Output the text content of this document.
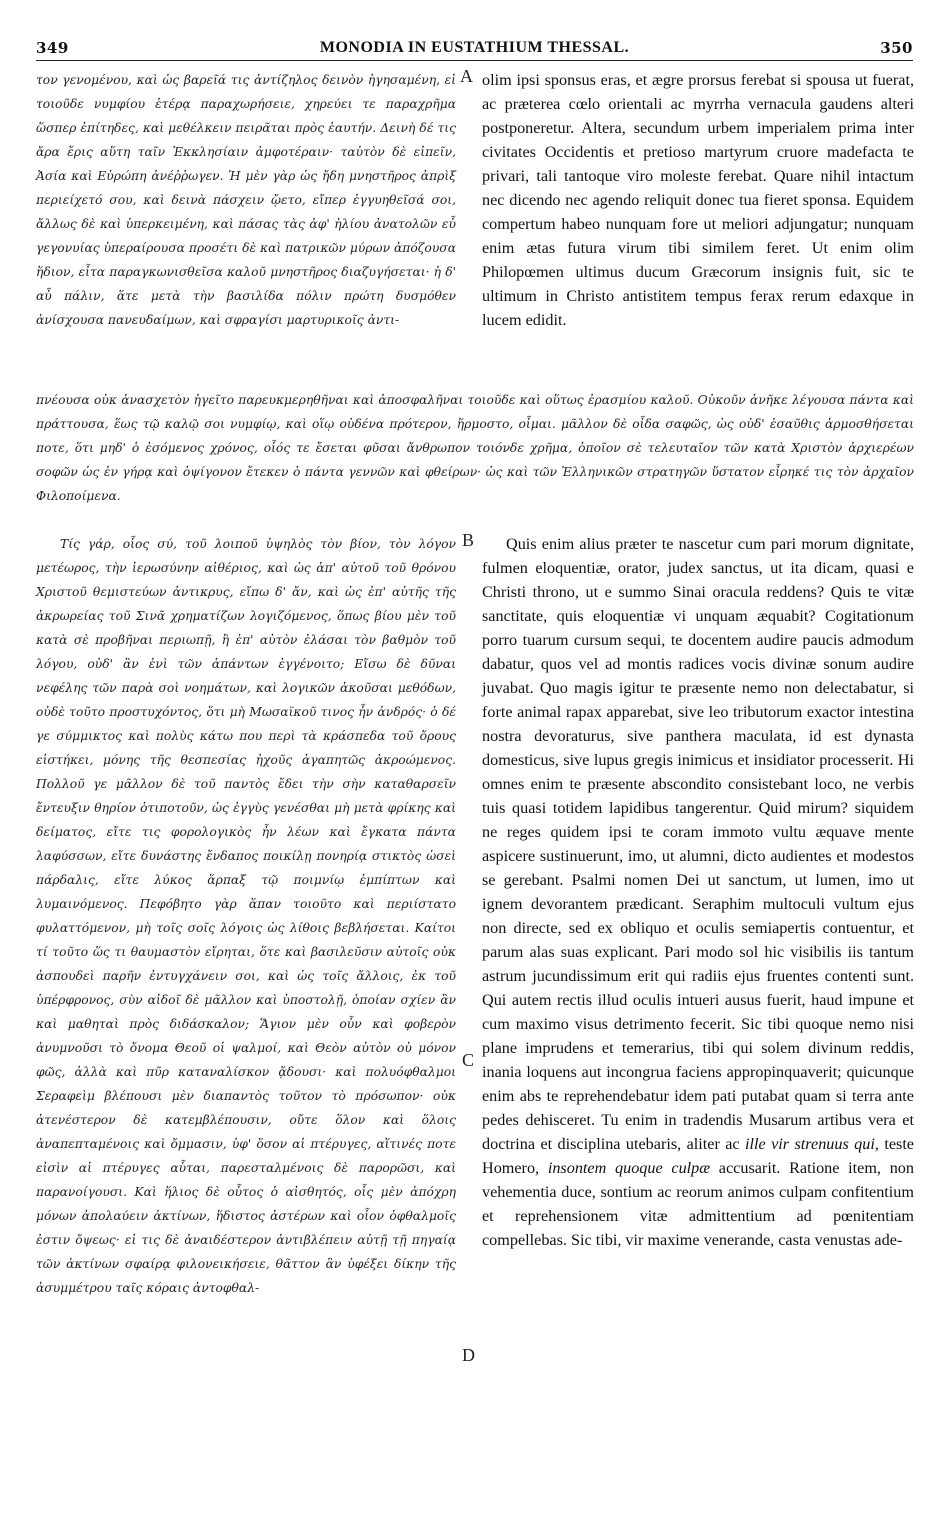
349	MONODIA IN EUSTATHIUM THESSAL.	350

τον γενομένου, καὶ ὡς βαρεῖά τις ἀντίζηλος δεινὸν ἡγησαμένη, εἰ τοιοῦδε νυμφίου ἑτέρᾳ παραχωρήσειε, χηρεύει τε παραχρῆμα ὥσπερ ἐπίτηδες, καὶ μεθέλκειν πειρᾶται πρὸς ἑαυτήν. Δεινὴ δέ τις ἄρα ἔρις αὕτη ταῖν Ἐκκλησίαιν ἀμφοτέραιν· ταὐτὸν δὲ εἰπεῖν, Ἀσία καὶ Εὐρώπη ἀνέῤῥωγεν. Ἡ μὲν γὰρ ὡς ἤδη μνηστῆρος ἀπρὶξ περιείχετό σου, καὶ δεινὰ πάσχειν ᾤετο, εἴπερ ἐγγυηθεῖσά σοι, ἄλλως δὲ καὶ ὑπερκειμένη, καὶ πάσας τὰς ἀφ' ἡλίου ἀνατολῶν εὖ γεγονυίας ὑπεραίρουσα προσέτι δὲ καὶ πατρικῶν μύρων ἀπόζουσα ἥδιον, εἶτα παραγκωνισθεῖσα καλοῦ μνηστῆρος διαζυγήσεται· ἡ δ' αὖ πάλιν, ἅτε μετὰ τὴν βασιλίδα πόλιν πρώτη δυσμόθεν ἀνίσχουσα πανευδαίμων, καὶ σφραγίσι μαρτυρικοῖς ἀντι-

A olim ipsi sponsus eras, et ægre prorsus ferebat si spousa ut fuerat, ac præterea cœlo orientali ac myrrha vernacula gaudens alteri postponeretur. Altera, secundum urbem imperialem prima inter civitates Occidentis et pretioso martyrum cruore madefacta te privari, tali tantoque viro moleste ferebat. Quare nihil intactum nec dicendo nec agendo reliquit donec tua fieret sponsa. Equidem compertum habeo nunquam fore ut meliori adjungatur; nunquam enim ætas futura virum tibi similem feret. Ut enim olim Philopœmen ultimus ducum Græcorum insignis fuit, sic te ultimum in Christo antistitem tempus ferax rerum edaxque in lucem edidit.

πνέουσα οὐκ ἀνασχετὸν ἡγεῖτο παρευκμερηθῆναι καὶ ἀποσφαλῆναι τοιοῦδε καὶ οὕτως ἐρασμίου καλοῦ. Οὐκοῦν ἀνῆκε λέγουσα πάντα καὶ πράττουσα, ἕως τῷ καλῷ σοι νυμφίῳ, καὶ οἵῳ οὐδένα πρότερον, ἥρμοστο, οἶμαι. μᾶλλον δὲ οἶδα σαφῶς, ὡς οὐδ' ἐσαῦθις ἁρμοσθήσεται ποτε, ὅτι μηδ' ὁ ἐσόμενος χρόνος, οἷός τε ἔσεται φῦσαι ἄνθρωπον τοιόνδε χρῆμα, ὁποῖον σὲ τελευταῖον τῶν κατὰ Χριστὸν ἀρχιερέων σοφῶν ὡς ἐν γήρᾳ καὶ ὀψίγονον ἔτεκεν ὁ πάντα γεννῶν καὶ φθείρων· ὡς καὶ τῶν Ἑλληνικῶν στρατηγῶν ὕστατον εἶρηκέ τις τὸν ἀρχαῖον Φιλοποίμενα.

Τίς γάρ, οἷος σύ, τοῦ λοιποῦ ὑψηλὸς τὸν βίον, τὸν λόγον μετέωρος, τὴν ἱερωσύνην αἰθέριος, καὶ ὡς ἀπ' αὐτοῦ τοῦ θρόνου Χριστοῦ θεμιστεύων ἀντικρυς, εἴπω δ' ἄν, καὶ ὡς ἐπ' αὐτῆς τῆς ἀκρωρείας τοῦ Σινᾶ χρηματίζων λογιζόμενος, ὅπως βίου μὲν τοῦ κατὰ σὲ προβῆναι περιωπῇ, ἢ ἐπ' αὐτὸν ἐλάσαι τὸν βαθμὸν τοῦ λόγου, οὐδ' ἂν ἐνὶ τῶν ἁπάντων ἐγγένοιτο; Εἴσω δὲ δῦναι νεφέλης τῶν παρὰ σοὶ νοημάτων, καὶ λογικῶν ἀκοῦσαι μεθόδων, οὐδὲ τοῦτο προστυχόντος, ὅτι μὴ Μωσαϊκοῦ τινος ἦν ἀνδρός· ὁ δέ γε σύμμικτος καὶ πολὺς κάτω που περὶ τὰ κράσπεδα τοῦ ὄρους εἱστήκει, μόνης τῆς θεσπεσίας ἠχοῦς ἀγαπητῶς ἀκροώμενος. Πολλοῦ γε μᾶλλον δὲ τοῦ παντὸς ἔδει τὴν σὴν καταθαρσεῖν ἔντευξιν θηρίον ὁτιποτοῦν, ὡς ἐγγὺς γενέσθαι μὴ μετὰ φρίκης καὶ δείματος, εἴτε τις φορολογικὸς ἦν λέων καὶ ἔγκατα πάντα λαφύσσων, εἴτε δυνάστης ἔνδαπος ποικίλῃ πονηρίᾳ στικτὸς ὡσεὶ πάρδαλις, εἴτε λύκος ἅρπαξ τῷ ποιμνίῳ ἐμπίπτων καὶ λυμαινόμενος. Πεφόβητο γὰρ ἅπαν τοιοῦτο καὶ περιίστατο φυλαττόμενον, μὴ τοῖς σοῖς λόγοις ὡς λίθοις βεβλήσεται. Καίτοι τί τοῦτο ὥς τι θαυμαστὸν εἴρηται, ὅτε καὶ βασιλεῦσιν αὐτοῖς οὐκ ἀσπουδεὶ παρῆν ἐντυγχάνειν σοι, καὶ ὡς τοῖς ἄλλοις, ἐκ τοῦ ὑπέρφρονος, σὺν αἰδοῖ δὲ μᾶλλον καὶ ὑποστολῇ, ὁποίαν σχίεν ἂν καὶ μαθηταὶ πρὸς διδάσκαλον; Ἅγιον μὲν οὖν καὶ φοβερὸν ἀνυμνοῦσι τὸ ὄνομα Θεοῦ οἱ ψαλμοί, καὶ Θεὸν αὐτὸν οὐ μόνον φῶς, ἀλλὰ καὶ πῦρ καταναλίσκον ᾄδουσι· καὶ πολυόφθαλμοι Σεραφεὶμ βλέπουσι μὲν διαπαντὸς τοῦτον τὸ πρόσωπον· οὐκ ἀτενέστερον δὲ κατεμβλέπουσιν, οὔτε ὅλον καὶ ὅλοις ἀναπεπταμένοις καὶ ὄμμασιν, ὑφ' ὅσον αἱ πτέρυγες, αἵτινές ποτε εἰσὶν αἱ πτέρυγες αὗται, παρεσταλμένοις δὲ παρορῶσι, καὶ παρανοίγουσι. Καὶ ἥλιος δὲ οὗτος ὁ αἰσθητός, οἷς μὲν ἀπόχρη μόνων ἀπολαύειν ἀκτίνων, ἥδιστος ἀστέρων καὶ οἷον ὀφθαλμοῖς ἐστιν ὄψεως· εἰ τις δὲ ἀναιδέστερον ἀντιβλέπειν αὐτῇ τῇ πηγαίᾳ τῶν ἀκτίνων σφαίρᾳ φιλονεικήσειε, θᾶττον ἂν ὑφέξει δίκην τῆς ἀσυμμέτρου ταῖς κόραις ἀντοφθαλ-

B
C
D

Quis enim alius præter te nascetur cum pari morum dignitate, fulmen eloquentiæ, orator, judex sanctus, ut ita dicam, quasi e Christi throno, ut e summo Sinai oracula reddens? Quis te vitæ sanctitate, quis eloquentiæ vi unquam æquabit? Cogitationum porro tuarum cursum sequi, te docentem audire paucis admodum dabatur, quos vel ad montis radices vocis divinæ sonum audire juvabat. Quo magis igitur te præsente nemo non delectabatur, si forte animal rapax apparebat, sive leo tributorum exactor intestina nostra devoraturus, sive panthera maculata, id est dynasta domesticus, sive lupus gregis inimicus et insidiator processerit. Hi omnes enim te præsente abscondito consistebant loco, ne verbis tuis quasi totidem lapidibus tangerentur. Quid mirum? siquidem ne reges quidem ipsi te coram immoto vultu æquave mente aspicere sustinuerunt, imo, ut alumni, dicto audientes et modestos se gerebant. Psalmi nomen Dei ut sanctum, ut lumen, imo ut ignem devorantem prædicant. Seraphim multoculi vultum ejus non directe, sed ex obliquo et oculis semiapertis contuentur, et parum alas suas explicant. Pari modo sol hic visibilis iis tantum astrum jucundissimum erit qui radiis ejus fruentes contenti sunt. Qui autem rectis illud oculis intueri ausus fuerit, haud impune et cum maximo visus detrimento fecerit. Sic tibi quoque nemo nisi plane imprudens et temerarius, tibi qui solem divinum reddis, inania loquens aut incongrua faciens appropinquaverit; quicunque enim abs te reprehendebatur idem pati putabat quam si terra ante pedes dehisceret. Tu enim in tradendis Musarum artibus vera et doctrina et disciplina utebaris, aliter ac ille vir strenuus qui, teste Homero, insontem quoque culpæ accusarit. Ratione item, non vehementia duce, sontium ac reorum animos culpam confitentium et reprehensionem vitæ admittentium ad pœnitentiam compellebas. Sic tibi, vir maxime venerande, casta venustas ade-
